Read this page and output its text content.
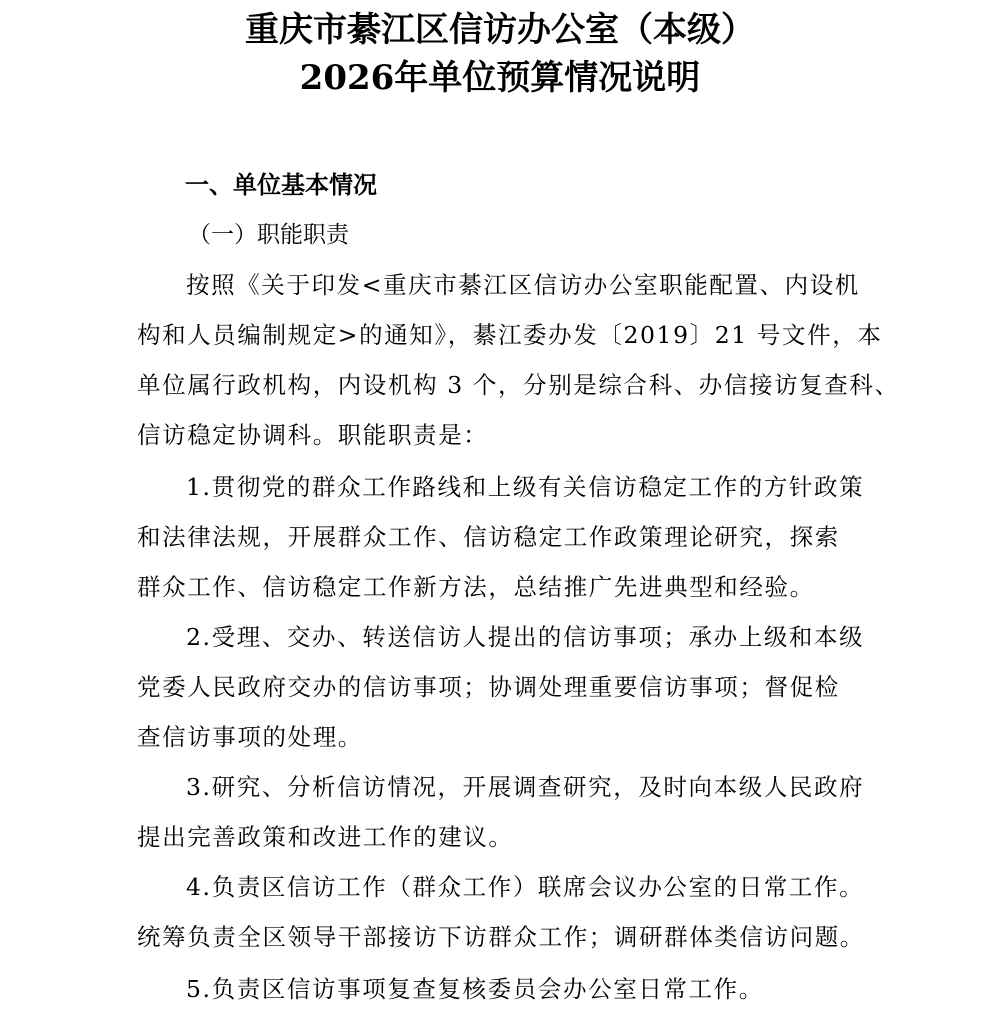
重庆市綦江区信访办公室（本级）
2026年单位预算情况说明
一、单位基本情况
（一）职能职责
按照《关于印发<重庆市綦江区信访办公室职能配置、内设机
构和人员编制规定>的通知》，綦江委办发〔2019〕21 号文件，本
单位属行政机构，内设机构 3 个，分别是综合科、办信接访复查科、
信访稳定协调科。职能职责是：
1.贯彻党的群众工作路线和上级有关信访稳定工作的方针政策
和法律法规，开展群众工作、信访稳定工作政策理论研究，探索
群众工作、信访稳定工作新方法，总结推广先进典型和经验。
2.受理、交办、转送信访人提出的信访事项；承办上级和本级
党委人民政府交办的信访事项；协调处理重要信访事项；督促检
查信访事项的处理。
3.研究、分析信访情况，开展调查研究，及时向本级人民政府
提出完善政策和改进工作的建议。
4.负责区信访工作（群众工作）联席会议办公室的日常工作。
统筹负责全区领导干部接访下访群众工作；调研群体类信访问题。
5.负责区信访事项复查复核委员会办公室日常工作。
